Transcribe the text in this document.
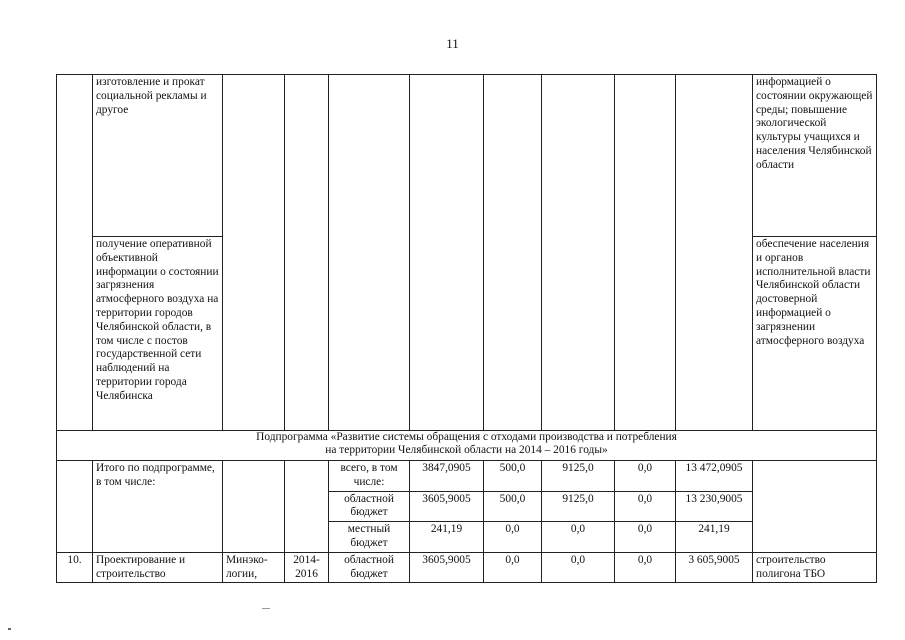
11
	изготовление и прокат социальной рекламы и другое									информацией о состоянии окружающей среды; повышение экологической культуры учащихся и населения Челябинской области
	получение оперативной объективной информации о состоянии загрязнения атмосферного воздуха на территории городов Челябинской области, в том числе с постов государственной сети наблюдений на территории города Челябинска									обеспечение населения и органов исполнительной власти Челябинской области достоверной информацией о загрязнении атмосферного воздуха

Подпрограмма «Развитие системы обращения с отходами производства и потребления
на территории Челябинской области на 2014 – 2016 годы»										

	Итого по подпрограмме, в том числе:			всего, в том числе:	3847,0905	500,0	9125,0	0,0	13 472,0905	
				областной бюджет	3605,9005	500,0	9125,0	0,0	13 230,9005	
				местный бюджет	241,19	0,0	0,0	0,0	241,19	
10.	Проектирование и строительство	Минэко-логии,	2014-2016	областной бюджет	3605,9005	0,0	0,0	0,0	3 605,9005	строительство полигона ТБО
